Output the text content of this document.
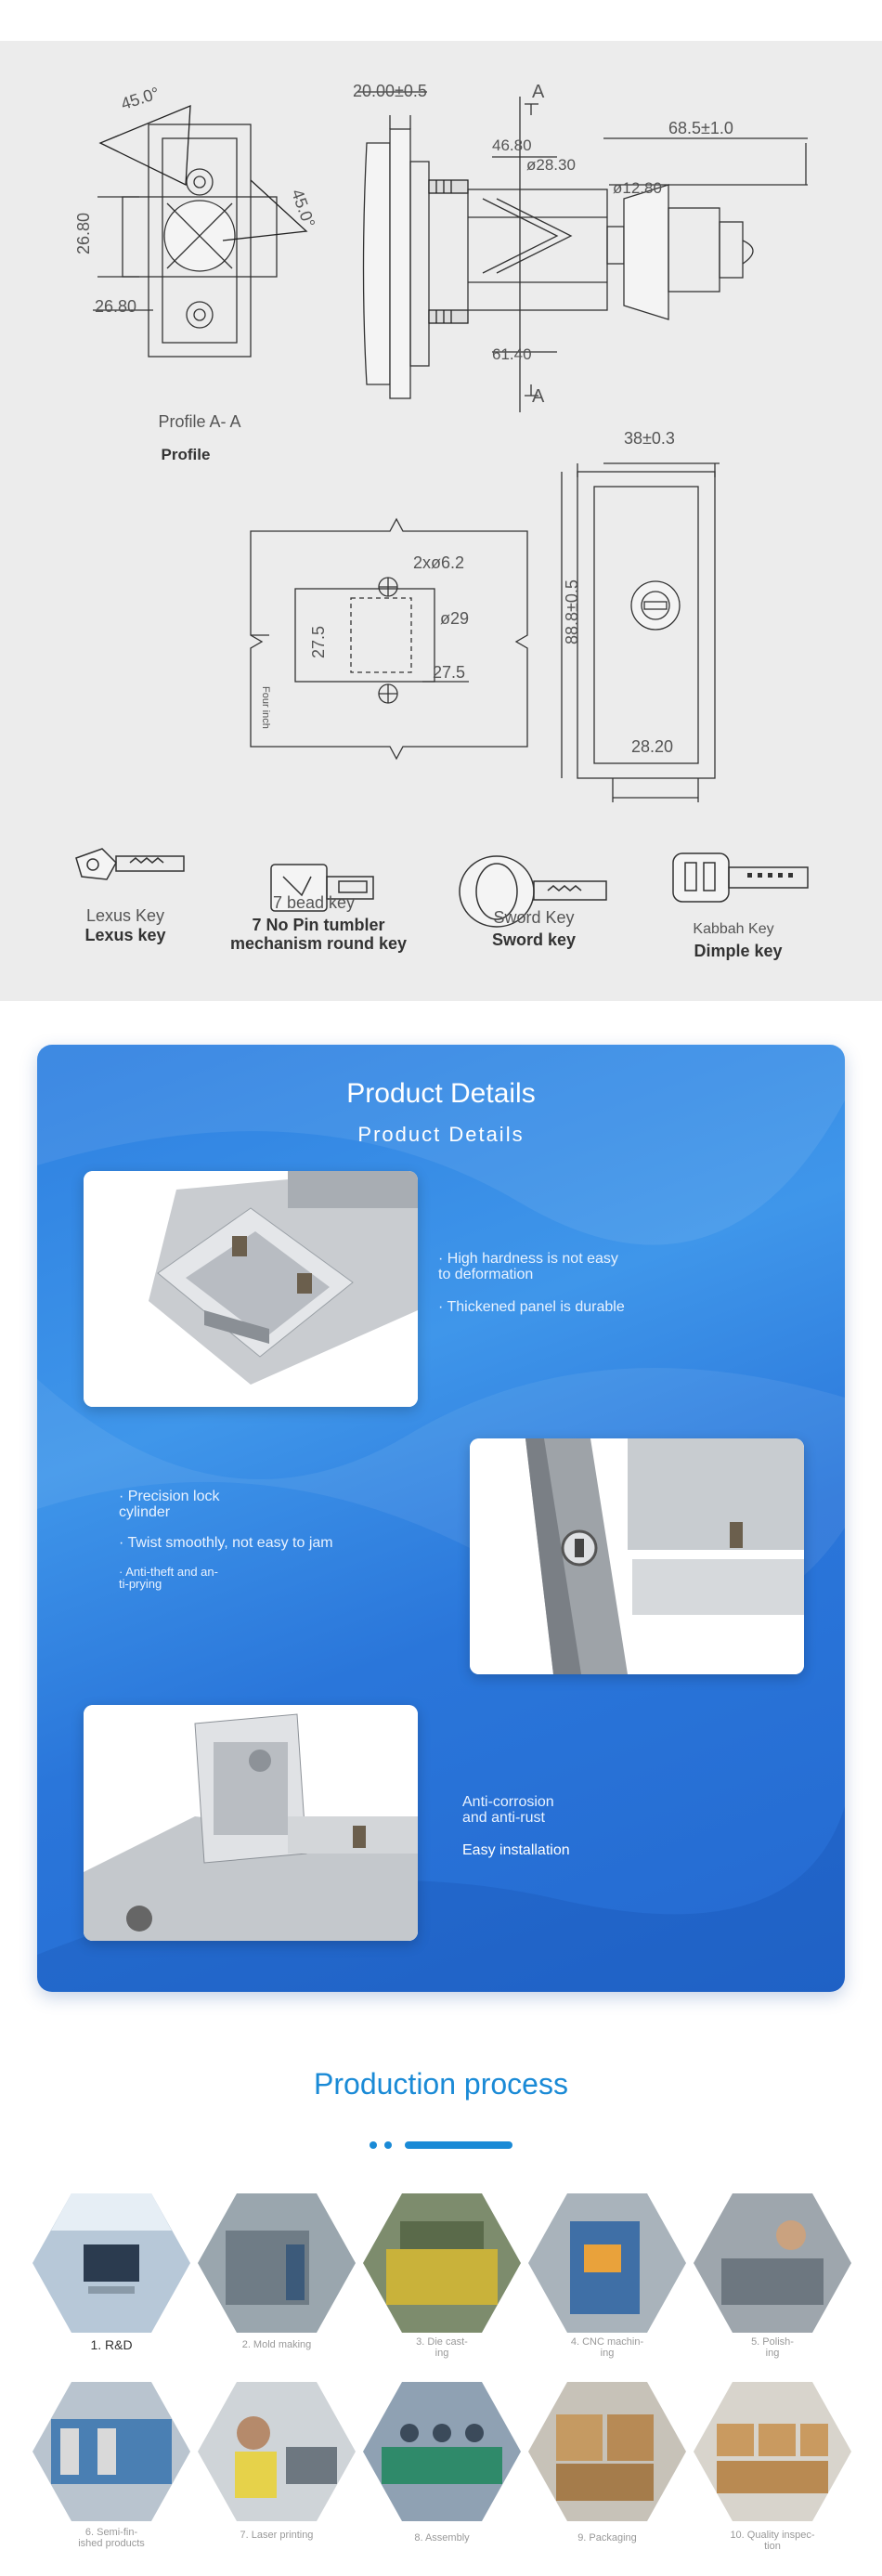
45.0°
45.0°
26.80
26.80
20.00±0.5	A
A
46.80
ø28.30
ø12.80
68.5±1.0
61.40
2xø6.2
ø29
27.5
27.5
Four inch
38±0.3
88.8±0.5
28.20
Profile A- A
Profile
Lexus Key
Lexus key
7 bead key
7 No Pin tumbler mechanism round key
Sword Key
Sword key
Kabbah Key
Dimple key
Product Details
Product Details
· High hardness is not easy
to deformation
· Thickened panel is durable
· Precision lock
cylinder
· Twist smoothly, not easy to jam
· Anti-theft and an-
ti-prying
Anti-corrosion
and anti-rust
Easy installation
Production process
1. R&D	2. Mold making	3. Die cast-
ing
4. CNC machin-
ing
5. Polish-
ing
6. Semi-fin-
ished products
7. Laser printing	8. Assembly	9. Packaging	10. Quality inspec-
tion
